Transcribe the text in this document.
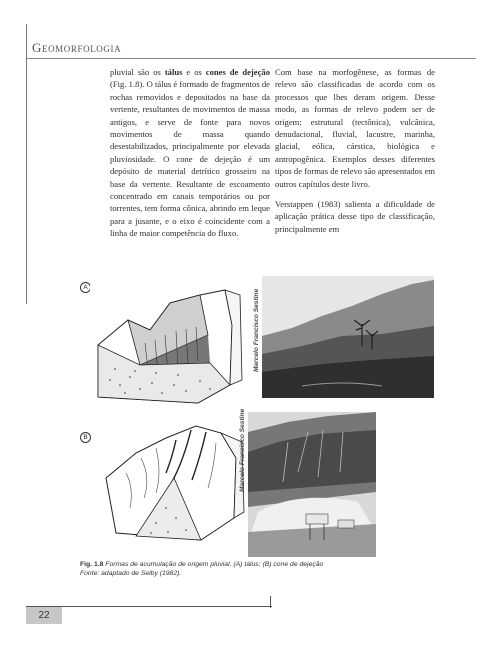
Geomorfologia

pluvial são os tálus e os cones de dejeção (Fig. 1.8). O tálus é formado de fragmentos de rochas removidos e depositados na base da vertente, resultantes de movimentos de massa antigos, e serve de fonte para novos movimentos de massa quando desestabilizados, principalmente por elevada pluviosidade. O cone de dejeção é um depósito de material detrítico grosseiro na base da vertente. Resultante de escoamento concentrado em canais temporários ou por torrentes, tem forma cônica, abrindo em leque para a jusante, e o eixo é coincidente com a linha de maior competência do fluxo.

Com base na morfogênese, as formas de relevo são classificadas de acordo com os processos que lhes deram origem. Desse modo, as formas de relevo podem ser de origem: estrutural (tectônica), vulcânica, denudacional, fluvial, lacustre, marinha, glacial, eólica, cárstica, biológica e antropogênica. Exemplos desses diferentes tipos de formas de relevo são apresentados em outros capítulos deste livro.

Verstappen (1983) salienta a dificuldade de aplicação prática desse tipo de classificação, principalmente em

A
Marcelo Francisco Sestine
B	Marcelo Francisco Sestine
Fig. 1.8 Formas de acumulação de origem pluvial. (A) tálus; (B) cone de dejeção
Fonte: adaptado de Selby (1982).
22
